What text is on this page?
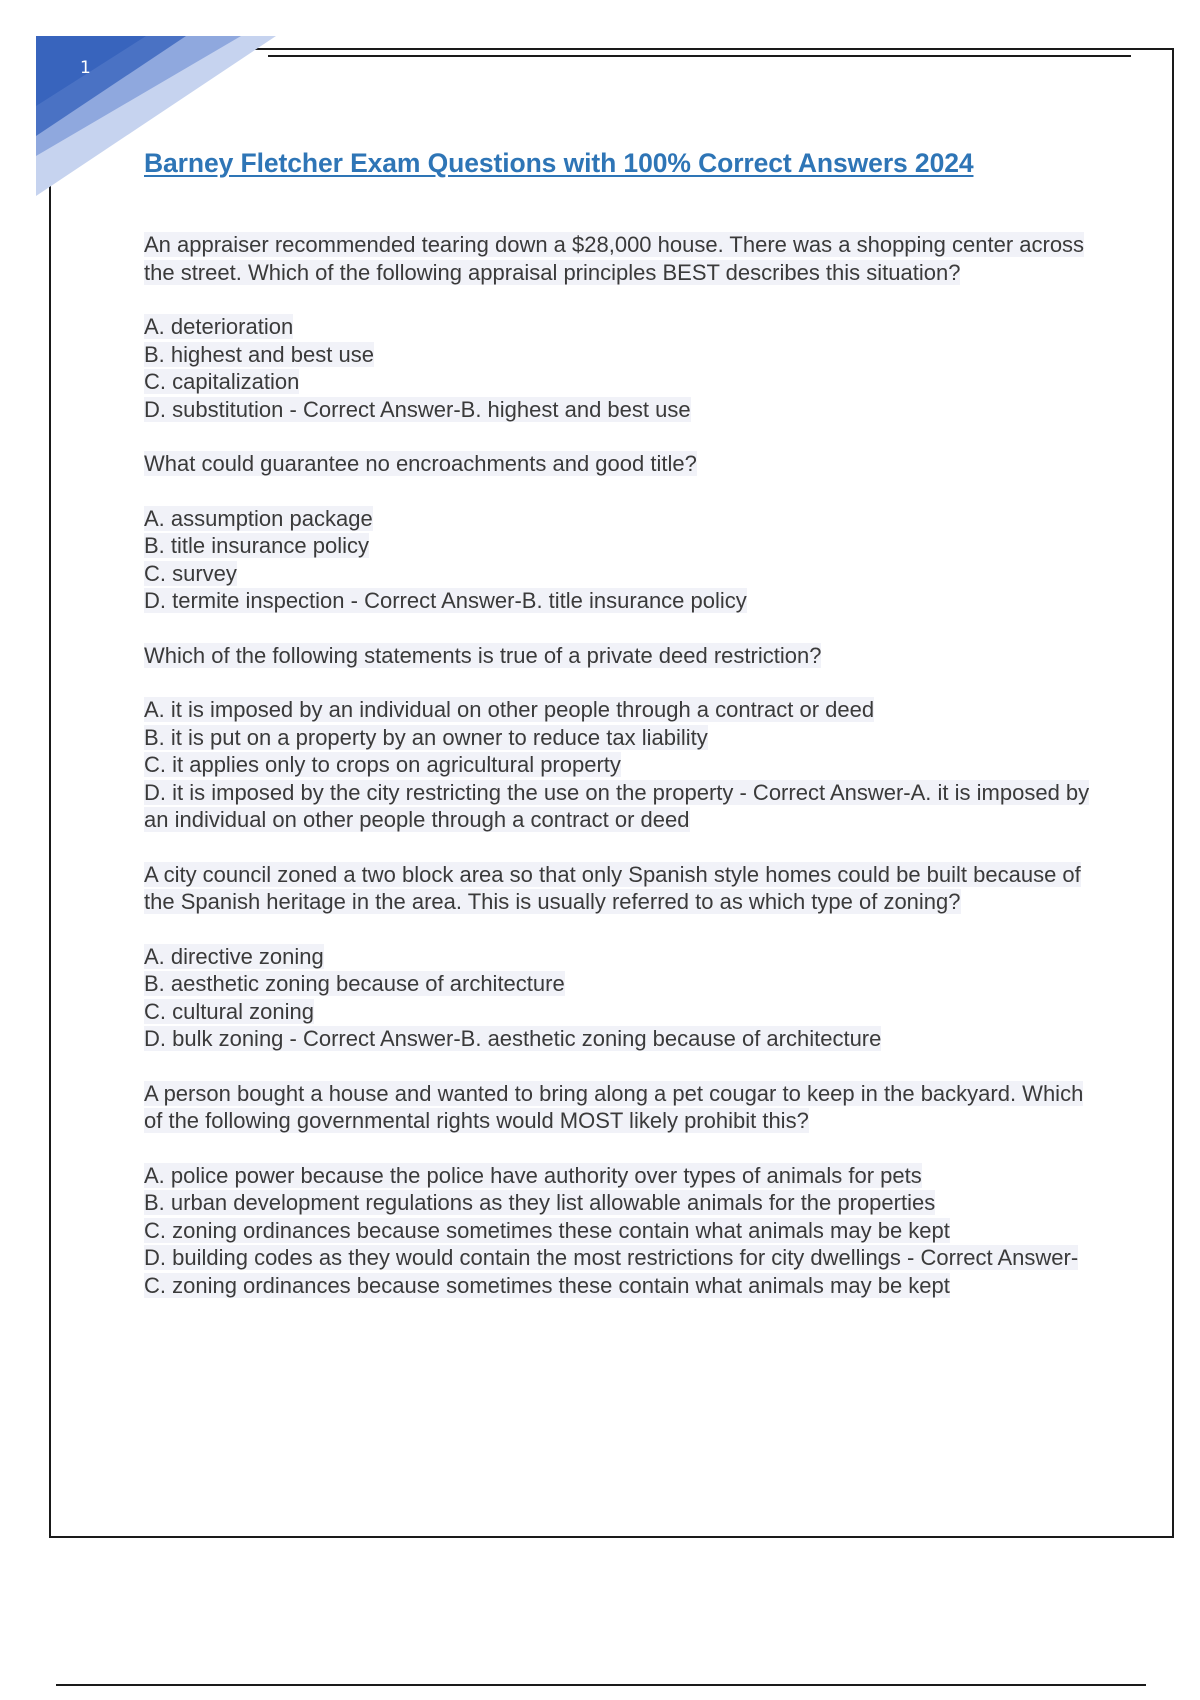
1
Barney Fletcher Exam Questions with 100% Correct Answers 2024

An appraiser recommended tearing down a $28,000 house. There was a shopping center across the street. Which of the following appraisal principles BEST describes this situation?

A. deterioration
B. highest and best use
C. capitalization
D. substitution - Correct Answer-B. highest and best use

What could guarantee no encroachments and good title?

A. assumption package
B. title insurance policy
C. survey
D. termite inspection - Correct Answer-B. title insurance policy

Which of the following statements is true of a private deed restriction?

A. it is imposed by an individual on other people through a contract or deed
B. it is put on a property by an owner to reduce tax liability
C. it applies only to crops on agricultural property
D. it is imposed by the city restricting the use on the property - Correct Answer-A. it is imposed by an individual on other people through a contract or deed

A city council zoned a two block area so that only Spanish style homes could be built because of the Spanish heritage in the area. This is usually referred to as which type of zoning?

A. directive zoning
B. aesthetic zoning because of architecture
C. cultural zoning
D. bulk zoning - Correct Answer-B. aesthetic zoning because of architecture

A person bought a house and wanted to bring along a pet cougar to keep in the backyard. Which of the following governmental rights would MOST likely prohibit this?

A. police power because the police have authority over types of animals for pets
B. urban development regulations as they list allowable animals for the properties
C. zoning ordinances because sometimes these contain what animals may be kept
D. building codes as they would contain the most restrictions for city dwellings - Correct Answer-C. zoning ordinances because sometimes these contain what animals may be kept
